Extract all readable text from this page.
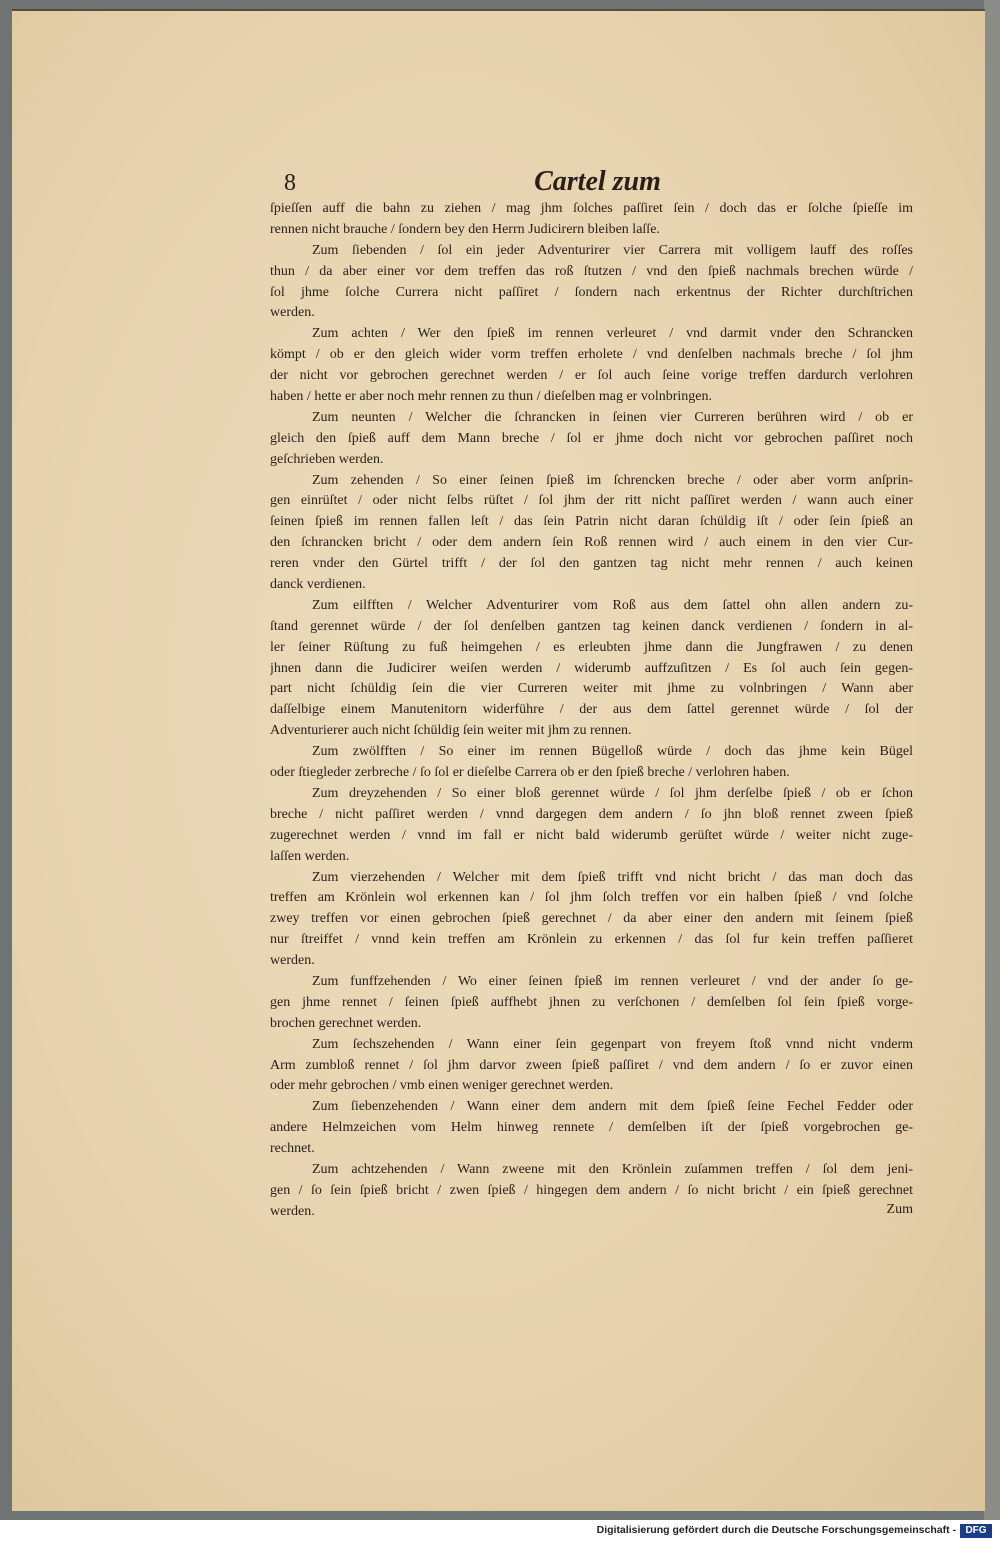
8	Cartel zum
ſpieſſen auff die bahn zu ziehen / mag jhm ſolches paſſiret ſein / doch das er ſolche ſpieſſe im
rennen nicht brauche / ſondern bey den Herrn Judicirern bleiben laſſe.
Zum ſiebenden / ſol ein jeder Adventurirer vier Carrera mit volligem lauff des roſſes
thun / da aber einer vor dem treffen das roß ſtutzen / vnd den ſpieß nachmals brechen würde /
ſol jhme ſolche Currera nicht paſſiret / ſondern nach erkentnus der Richter durchſtrichen
werden.
Zum achten / Wer den ſpieß im rennen verleuret / vnd darmit vnder den Schrancken
kömpt / ob er den gleich wider vorm treffen erholete / vnd denſelben nachmals breche / ſol jhm
der nicht vor gebrochen gerechnet werden / er ſol auch ſeine vorige treffen dardurch verlohren
haben / hette er aber noch mehr rennen zu thun / dieſelben mag er volnbringen.
Zum neunten / Welcher die ſchrancken in ſeinen vier Curreren berühren wird / ob er
gleich den ſpieß auff dem Mann breche / ſol er jhme doch nicht vor gebrochen paſſiret noch
geſchrieben werden.
Zum zehenden / So einer ſeinen ſpieß im ſchrencken breche / oder aber vorm anſprin-
gen einrüſtet / oder nicht ſelbs rüſtet / ſol jhm der ritt nicht paſſiret werden / wann auch einer
ſeinen ſpieß im rennen fallen leſt / das ſein Patrin nicht daran ſchüldig iſt / oder ſein ſpieß an
den ſchrancken bricht / oder dem andern ſein Roß rennen wird / auch einem in den vier Cur-
reren vnder den Gürtel trifft / der ſol den gantzen tag nicht mehr rennen / auch keinen
danck verdienen.
Zum eilfften / Welcher Adventurirer vom Roß aus dem ſattel ohn allen andern zu-
ſtand gerennet würde / der ſol denſelben gantzen tag keinen danck verdienen / ſondern in al-
ler ſeiner Rüſtung zu fuß heimgehen / es erleubten jhme dann die Jungfrawen / zu denen
jhnen dann die Judicirer weiſen werden / widerumb auffzuſitzen / Es ſol auch ſein gegen-
part nicht ſchüldig ſein die vier Curreren weiter mit jhme zu volnbringen / Wann aber
daſſelbige einem Manutenitorn widerführe / der aus dem ſattel gerennet würde / ſol der
Adventurierer auch nicht ſchüldig ſein weiter mit jhm zu rennen.
Zum zwölfften / So einer im rennen Bügelloß würde / doch das jhme kein Bügel
oder ſtiegleder zerbreche / ſo ſol er dieſelbe Carrera ob er den ſpieß breche / verlohren haben.
Zum dreyzehenden / So einer bloß gerennet würde / ſol jhm derſelbe ſpieß / ob er ſchon
breche / nicht paſſiret werden / vnnd dargegen dem andern / ſo jhn bloß rennet zween ſpieß
zugerechnet werden / vnnd im fall er nicht bald widerumb gerüſtet würde / weiter nicht zuge-
laſſen werden.
Zum vierzehenden / Welcher mit dem ſpieß trifft vnd nicht bricht / das man doch das
treffen am Krönlein wol erkennen kan / ſol jhm ſolch treffen vor ein halben ſpieß / vnd ſolche
zwey treffen vor einen gebrochen ſpieß gerechnet / da aber einer den andern mit ſeinem ſpieß
nur ſtreiffet / vnnd kein treffen am Krönlein zu erkennen / das ſol fur kein treffen paſſieret
werden.
Zum funffzehenden / Wo einer ſeinen ſpieß im rennen verleuret / vnd der ander ſo ge-
gen jhme rennet / ſeinen ſpieß auffhebt jhnen zu verſchonen / demſelben ſol ſein ſpieß vorge-
brochen gerechnet werden.
Zum ſechszehenden / Wann einer ſein gegenpart von freyem ſtoß vnnd nicht vnderm
Arm zumbloß rennet / ſol jhm darvor zween ſpieß paſſiret / vnd dem andern / ſo er zuvor einen
oder mehr gebrochen / vmb einen weniger gerechnet werden.
Zum ſiebenzehenden / Wann einer dem andern mit dem ſpieß ſeine Fechel Fedder oder
andere Helmzeichen vom Helm hinweg rennete / demſelben iſt der ſpieß vorgebrochen ge-
rechnet.
Zum achtzehenden / Wann zweene mit den Krönlein zuſammen treffen / ſol dem jeni-
gen / ſo ſein ſpieß bricht / zwen ſpieß / hingegen dem andern / ſo nicht bricht / ein ſpieß gerechnet
werden.	Zum
Digitalisierung gefördert durch die Deutsche Forschungsgemeinschaft - DFG
